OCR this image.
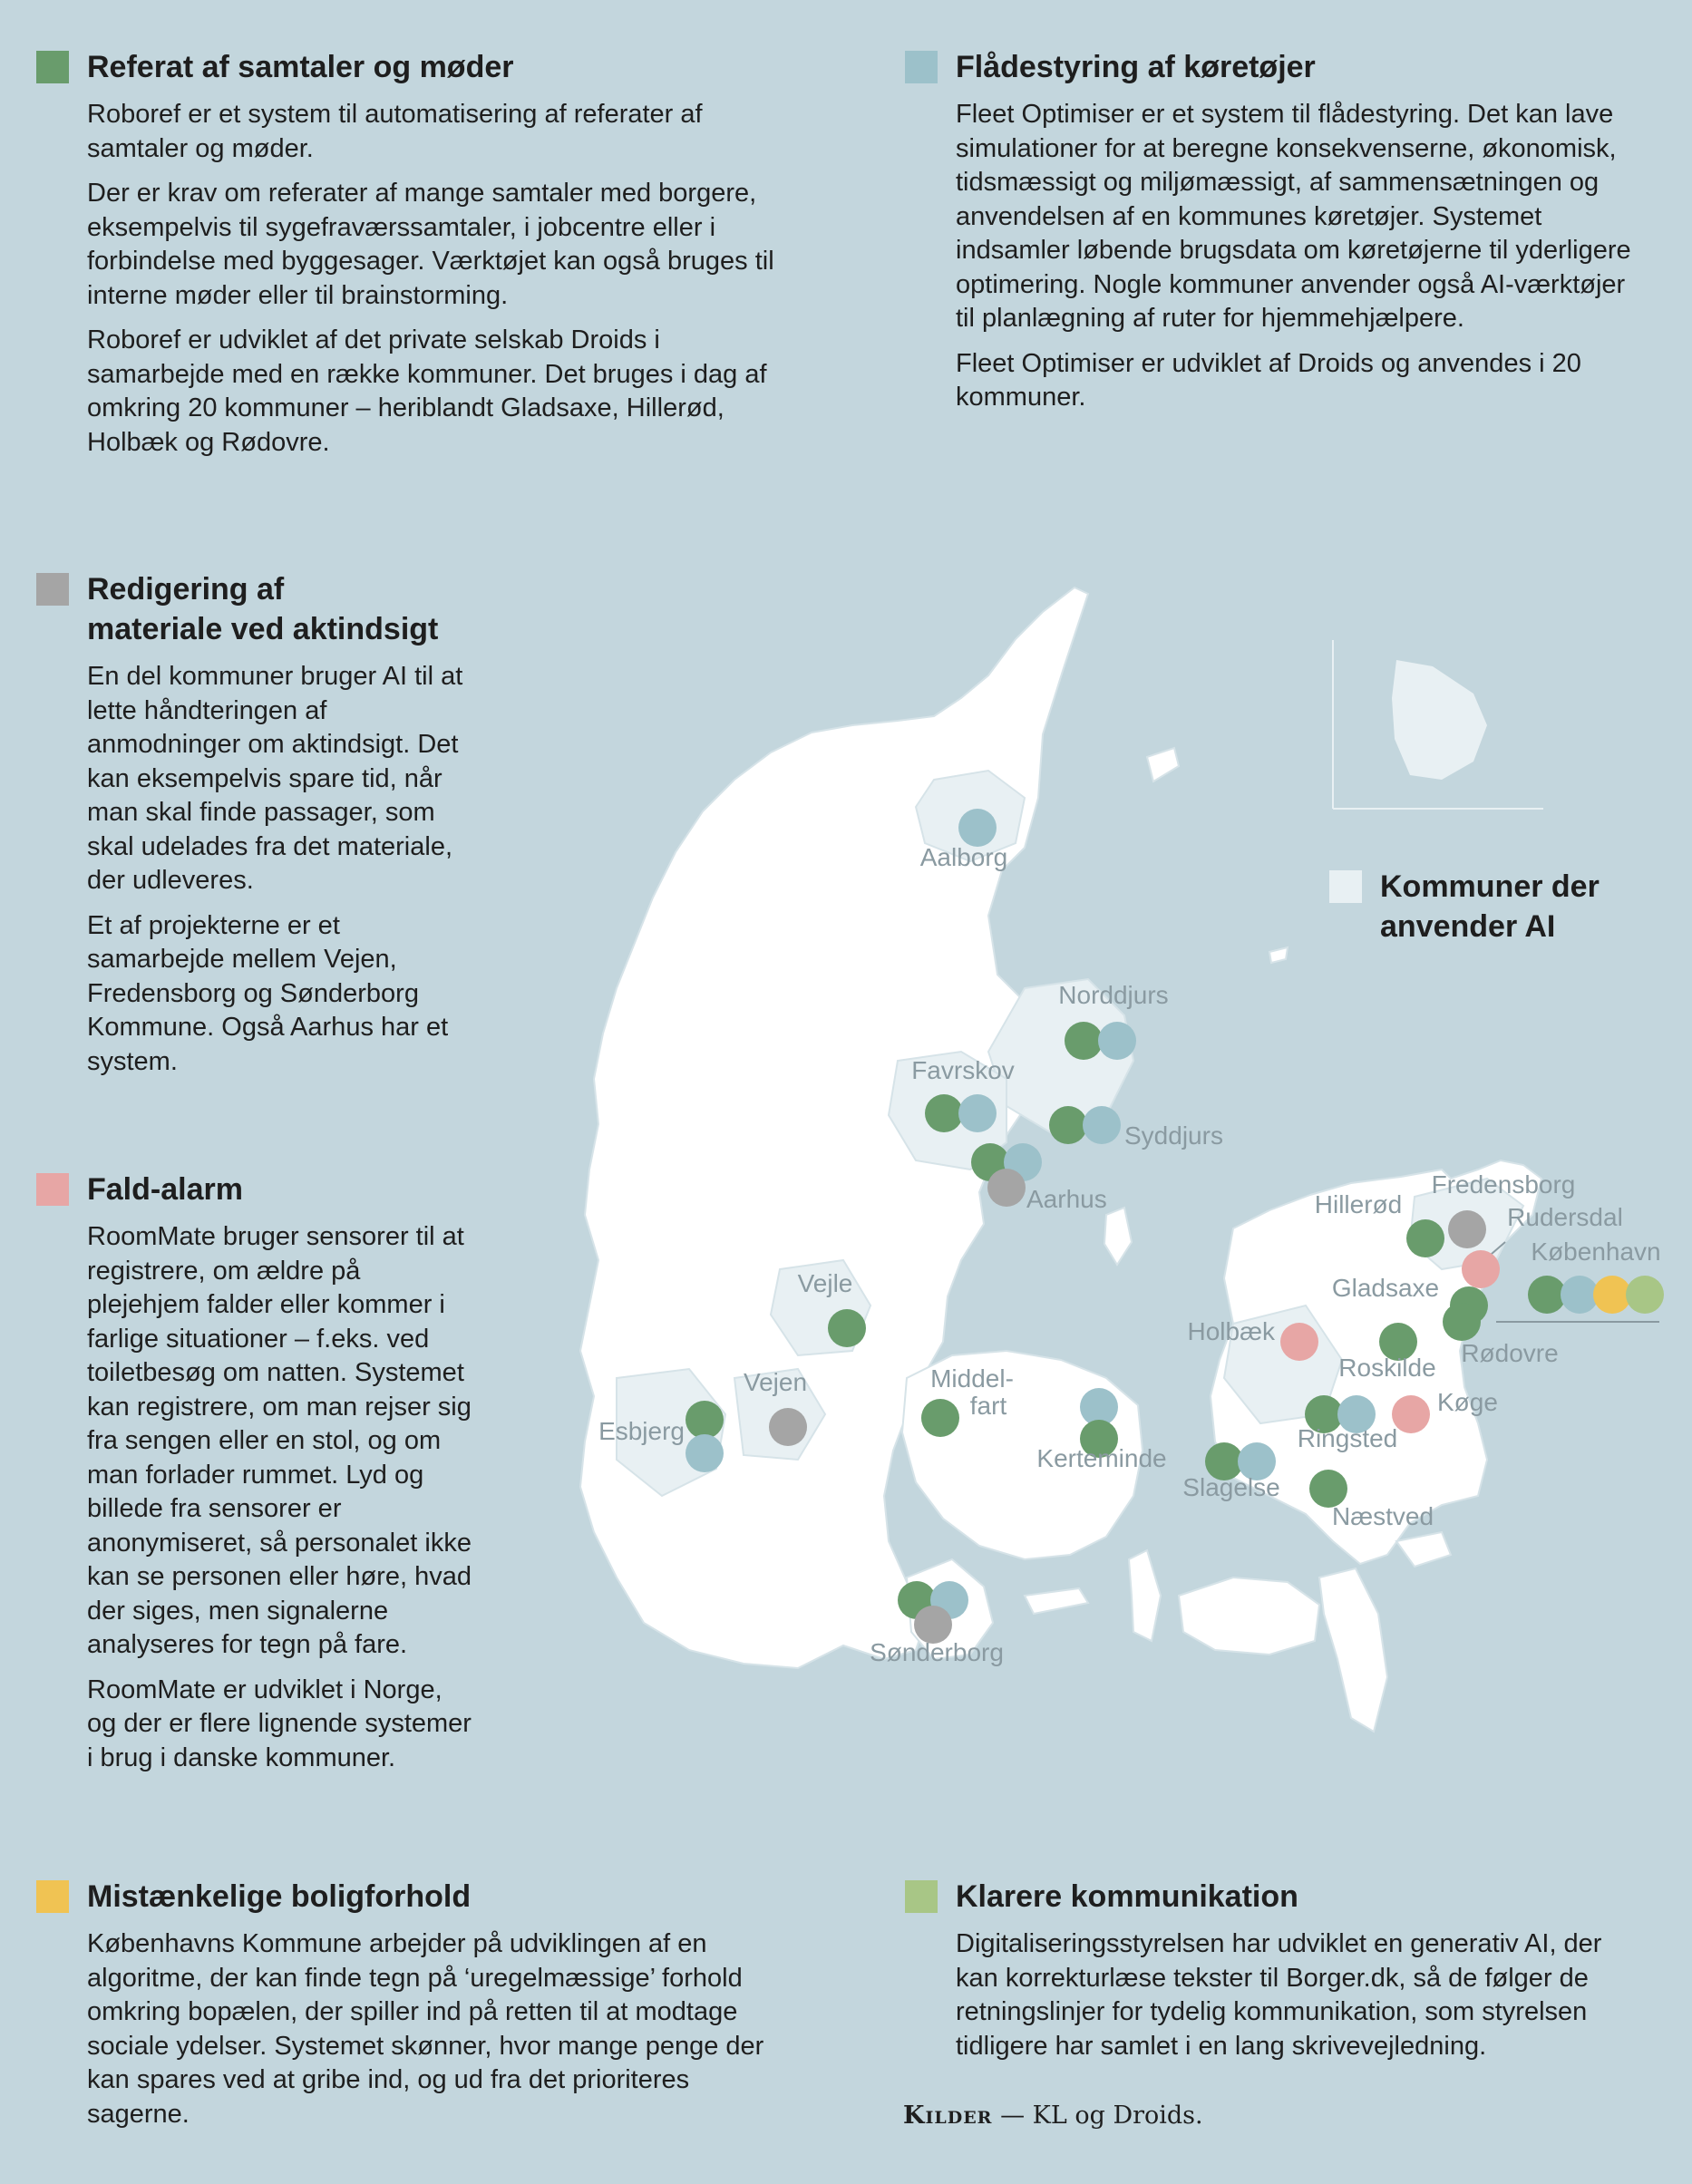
Referat af samtaler og møder

Roboref er et system til automatisering af referater af samtaler og møder.

Der er krav om referater af mange samtaler med borgere, eksempelvis til sygefraværssamtaler, i jobcentre eller i forbindelse med byggesager. Værktøjet kan også bruges til interne møder eller til brainstorming.

Roboref er udviklet af det private selskab Droids i samarbejde med en række kommuner. Det bruges i dag af omkring 20 kommuner – heriblandt Gladsaxe, Hillerød, Holbæk og Rødovre.

Flådestyring af køretøjer

Fleet Optimiser er et system til flådestyring. Det kan lave simulationer for at beregne konsekvenserne, økonomisk, tidsmæssigt og miljømæssigt, af sammensætningen og anvendelsen af en kommunes køretøjer. Systemet indsamler løbende brugsdata om køretøjerne til yderligere optimering. Nogle kommuner anvender også AI-værktøjer til planlægning af ruter for hjemmehjælpere.

Fleet Optimiser er udviklet af Droids og anvendes i 20 kommuner.

Redigering af
materiale ved aktindsigt

En del kommuner bruger AI til at lette håndteringen af anmodninger om aktindsigt. Det kan eksempelvis spare tid, når man skal finde passager, som skal udelades fra det materiale, der udleveres.

Et af projekterne er et samarbejde mellem Vejen, Fredensborg og Sønderborg Kommune. Også Aarhus har et system.

Fald-alarm

RoomMate bruger sensorer til at registrere, om ældre på plejehjem falder eller kommer i farlige situationer – f.eks. ved toiletbesøg om natten. Systemet kan registrere, om man rejser sig fra sengen eller en stol, og om man forlader rummet. Lyd og billede fra sensorer er anonymiseret, så personalet ikke kan se personen eller høre, hvad der siges, men signalerne analyseres for tegn på fare.

RoomMate er udviklet i Norge, og der er flere lignende systemer i brug i danske kommuner.

Mistænkelige boligforhold

Københavns Kommune arbejder på udviklingen af en algoritme, der kan finde tegn på ‘uregelmæssige’ forhold omkring bopælen, der spiller ind på retten til at modtage sociale ydelser. Systemet skønner, hvor mange penge der kan spares ved at gribe ind, og ud fra det prioriteres sagerne.

Klarere kommunikation

Digitaliseringsstyrelsen har udviklet en generativ AI, der kan korrekturlæse tekster til Borger.dk, så de følger de retningslinjer for tydelig kommunikation, som styrelsen tidligere har samlet i en lang skrivevejledning.

Kilder — KL og Droids.
Aalborg
Norddjurs
Favrskov
Syddjurs
Aarhus
Vejle
Vejen
Esbjerg
Middel-
fart
Kerteminde
Sønderborg
Slagelse
Næstved
Ringsted
Køge
Roskilde
Holbæk
Gladsaxe
Rødovre
Hillerød
Fredensborg
Rudersdal
København
Kommuner der
anvender AI
